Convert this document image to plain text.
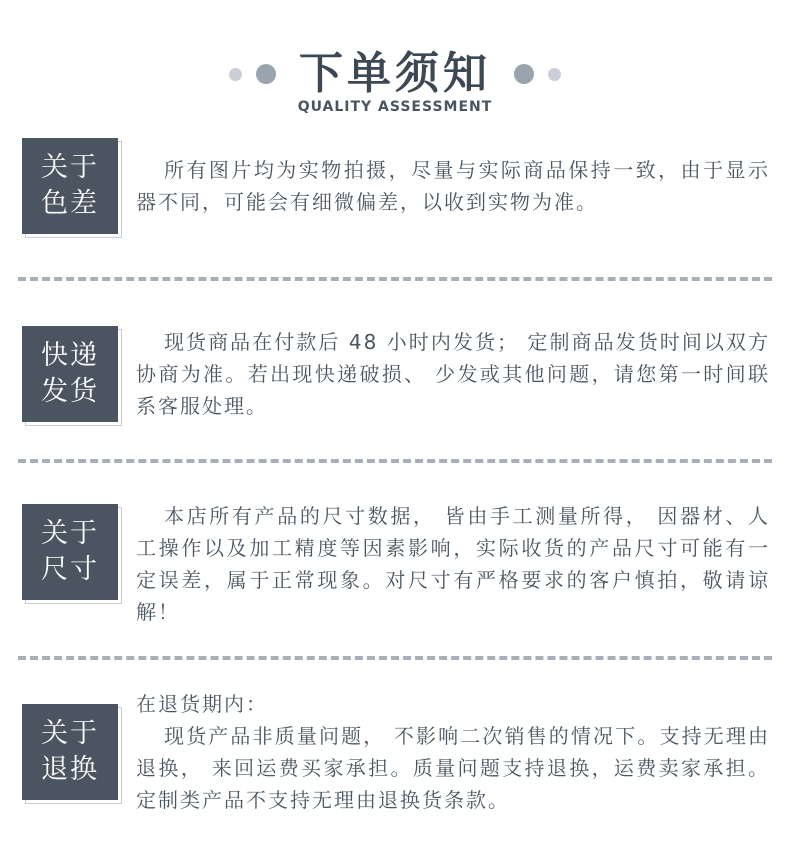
下单须知
QUALITY ASSESSMENT
关于
色差

所有图片均为实物拍摄，尽量与实际商品保持一致，由于显示器不同，可能会有细微偏差，以收到实物为准。

快递
发货

现货商品在付款后 48 小时内发货； 定制商品发货时间以双方协商为准。若出现快递破损、 少发或其他问题，请您第一时间联系客服处理。

关于
尺寸

本店所有产品的尺寸数据， 皆由手工测量所得， 因器材、人工操作以及加工精度等因素影响，实际收货的产品尺寸可能有一定误差，属于正常现象。对尺寸有严格要求的客户慎拍，敬请谅解！

关于
退换

在退货期内：

现货产品非质量问题， 不影响二次销售的情况下。支持无理由退换， 来回运费买家承担。质量问题支持退换，运费卖家承担。定制类产品不支持无理由退换货条款。
